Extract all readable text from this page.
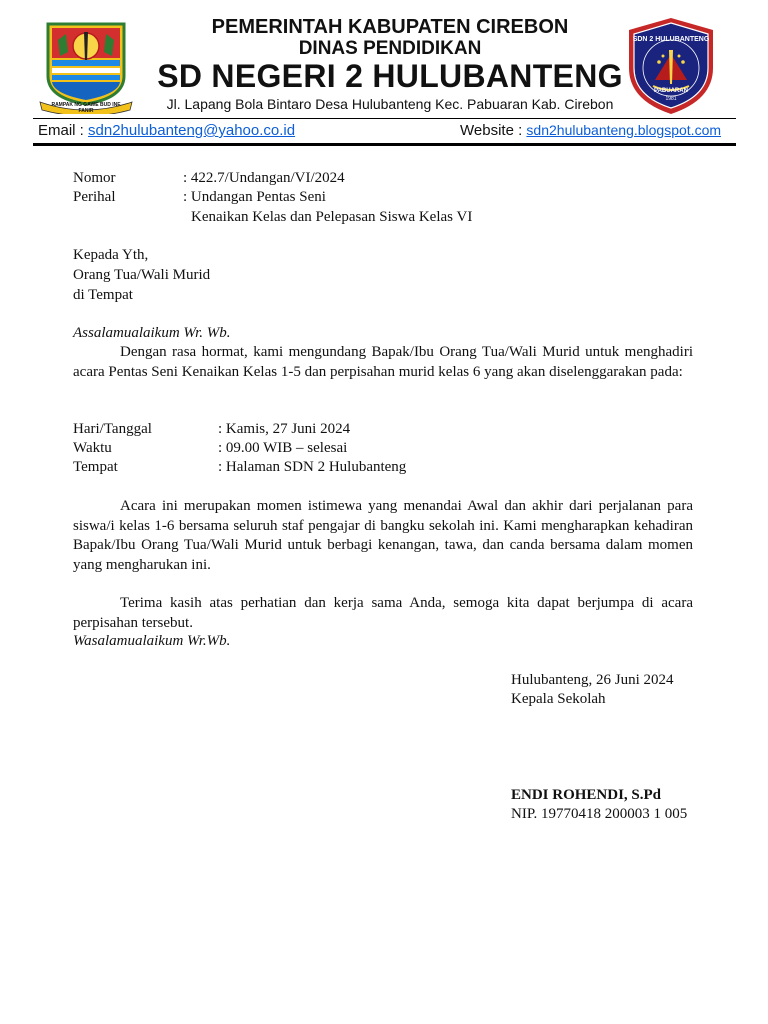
RAMPAK NG GAWE BUD INE FANIR
SDN 2 HULUBANTENG
PABUARAN
1981
PEMERINTAH KABUPATEN CIREBON
DINAS PENDIDIKAN
SD NEGERI 2 HULUBANTENG
Jl. Lapang Bola Bintaro Desa Hulubanteng Kec. Pabuaran Kab. Cirebon
Email : sdn2hulubanteng@yahoo.co.id	Website : sdn2hulubanteng.blogspot.com
Nomor	: 422.7/Undangan/VI/2024
Perihal	: Undangan Pentas Seni
Kenaikan Kelas dan Pelepasan Siswa Kelas VI
Kepada Yth,
Orang Tua/Wali Murid
di Tempat
Assalamualaikum Wr. Wb.
Dengan rasa hormat, kami mengundang Bapak/Ibu Orang Tua/Wali Murid untuk menghadiri acara Pentas Seni Kenaikan Kelas 1-5 dan perpisahan murid kelas 6 yang akan diselenggarakan pada:
Hari/Tanggal	: Kamis, 27 Juni 2024
Waktu	: 09.00 WIB – selesai
Tempat	: Halaman SDN 2 Hulubanteng
Acara ini merupakan momen istimewa yang menandai Awal dan akhir dari perjalanan para siswa/i kelas 1-6 bersama seluruh staf pengajar di bangku sekolah ini. Kami mengharapkan kehadiran Bapak/Ibu Orang Tua/Wali Murid untuk berbagi kenangan, tawa, dan canda bersama dalam momen yang mengharukan ini.
Terima kasih atas perhatian dan kerja sama Anda, semoga kita dapat berjumpa di acara perpisahan tersebut.
Wasalamualaikum Wr.Wb.
Hulubanteng, 26 Juni 2024
Kepala Sekolah
ENDI ROHENDI, S.Pd
NIP. 19770418 200003 1 005
